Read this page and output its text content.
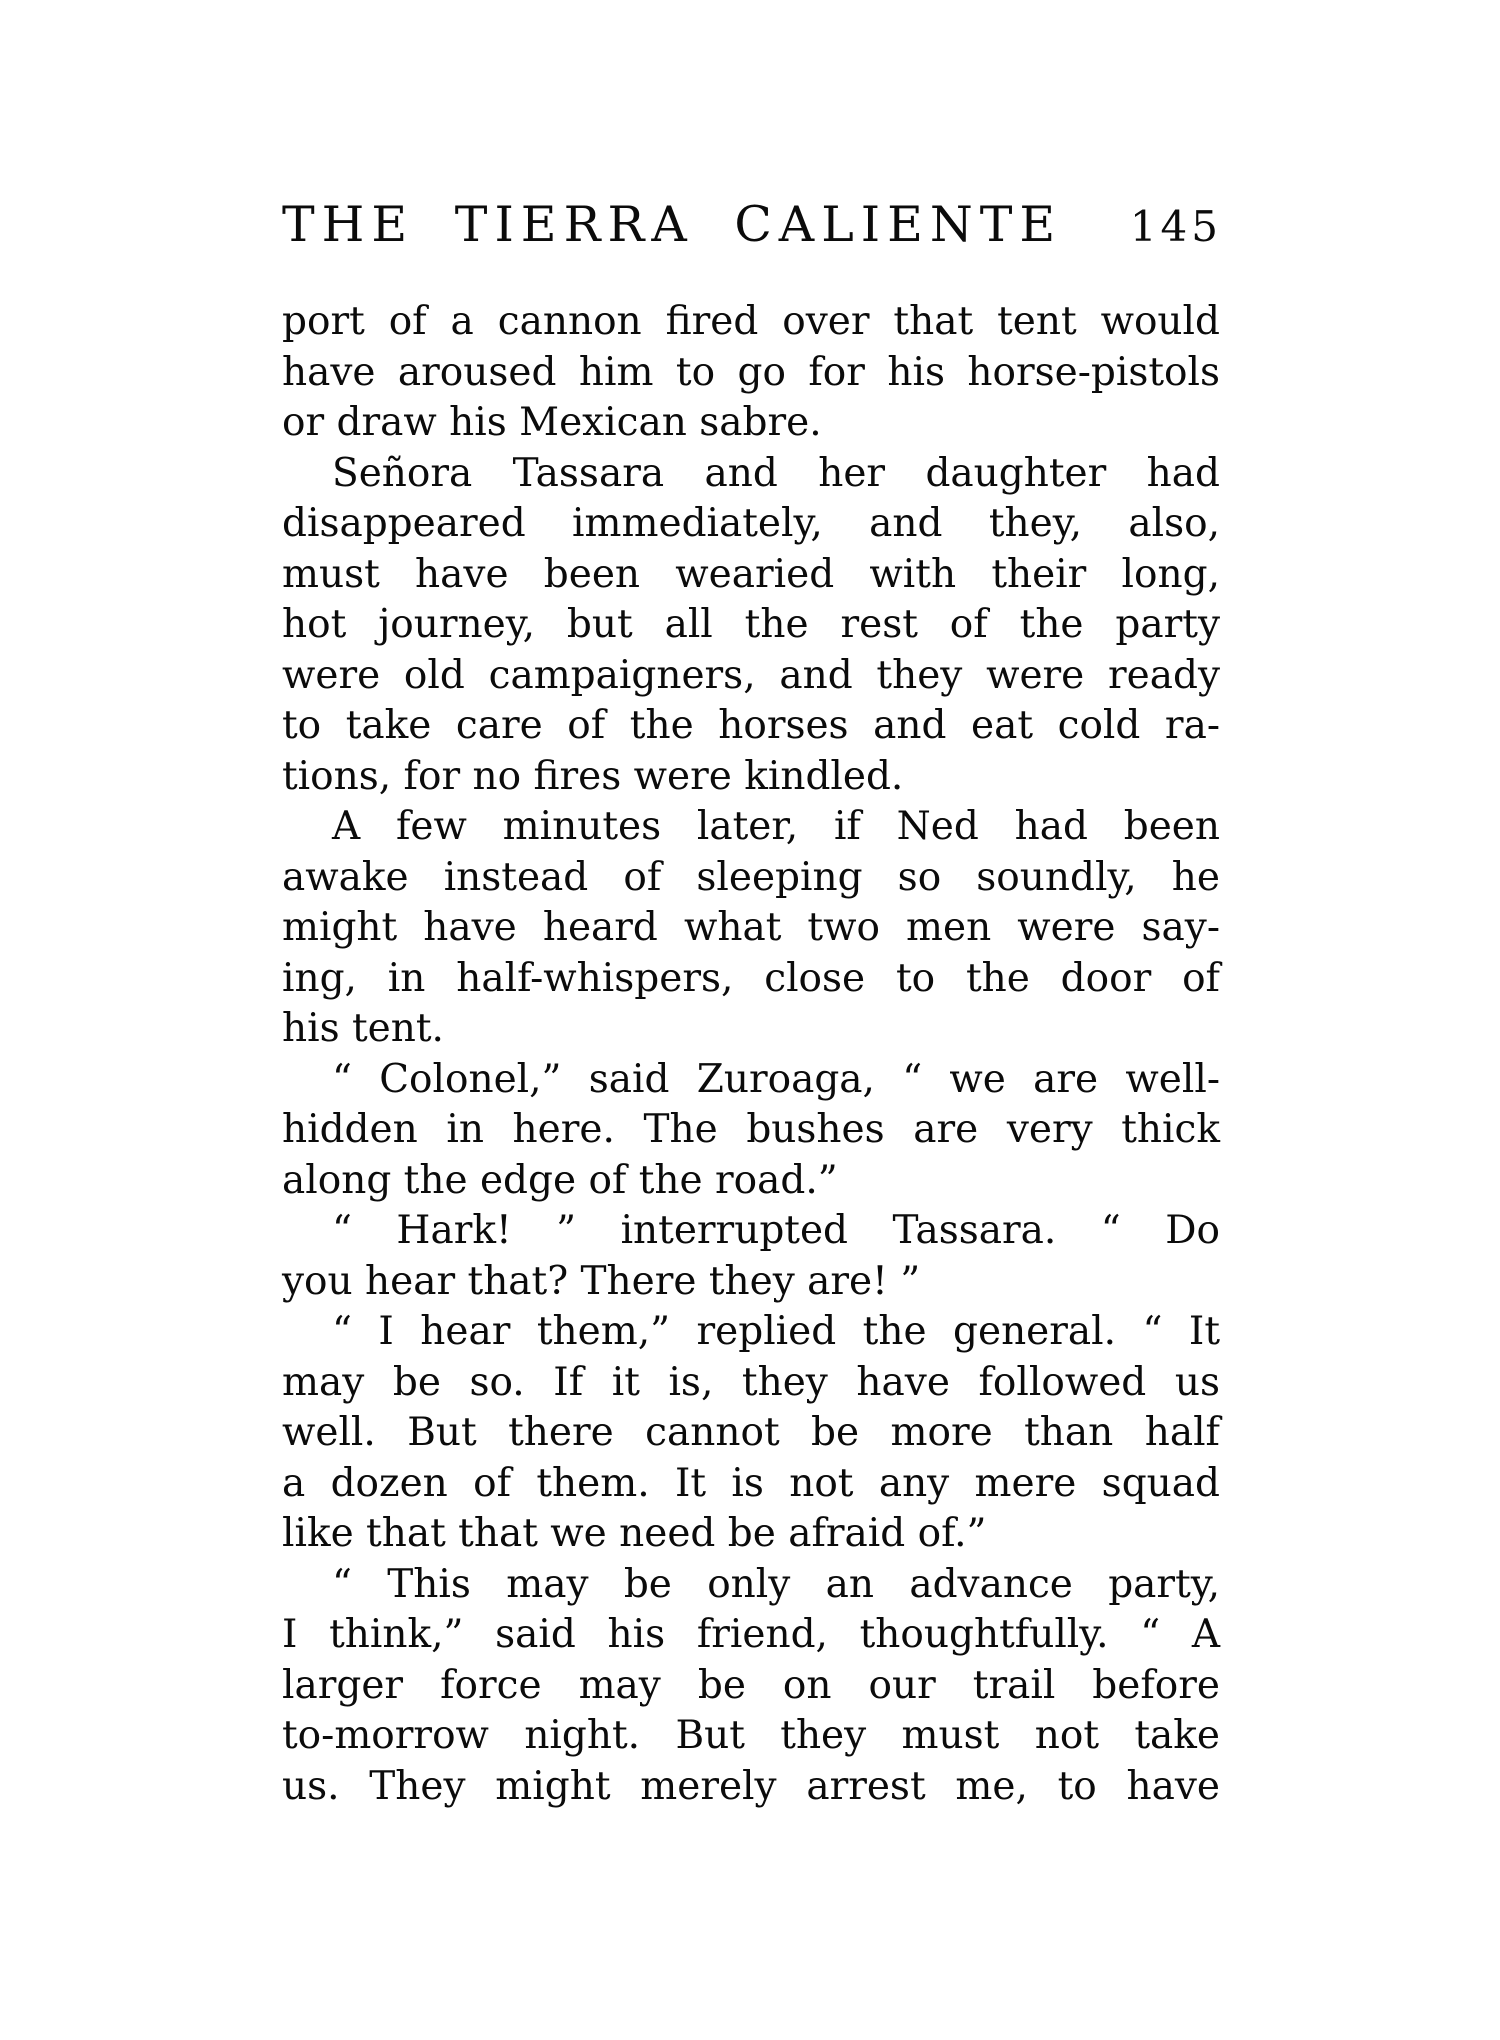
THE TIERRA CALIENTE 145
port of a cannon fired over that tent would
have aroused him to go for his horse-pistols
or draw his Mexican sabre.
Señora Tassara and her daughter had
disappeared immediately, and they, also,
must have been wearied with their long,
hot journey, but all the rest of the party
were old campaigners, and they were ready
to take care of the horses and eat cold ra-
tions, for no fires were kindled.
A few minutes later, if Ned had been
awake instead of sleeping so soundly, he
might have heard what two men were say-
ing, in half-whispers, close to the door of
his tent.
“ Colonel,” said Zuroaga, “ we are well-
hidden in here. The bushes are very thick
along the edge of the road.”
“ Hark! ” interrupted Tassara. “ Do
you hear that? There they are! ”
“ I hear them,” replied the general. “ It
may be so. If it is, they have followed us
well. But there cannot be more than half
a dozen of them. It is not any mere squad
like that that we need be afraid of.”
“ This may be only an advance party,
I think,” said his friend, thoughtfully. “ A
larger force may be on our trail before
to-morrow night. But they must not take
us. They might merely arrest me, to have
